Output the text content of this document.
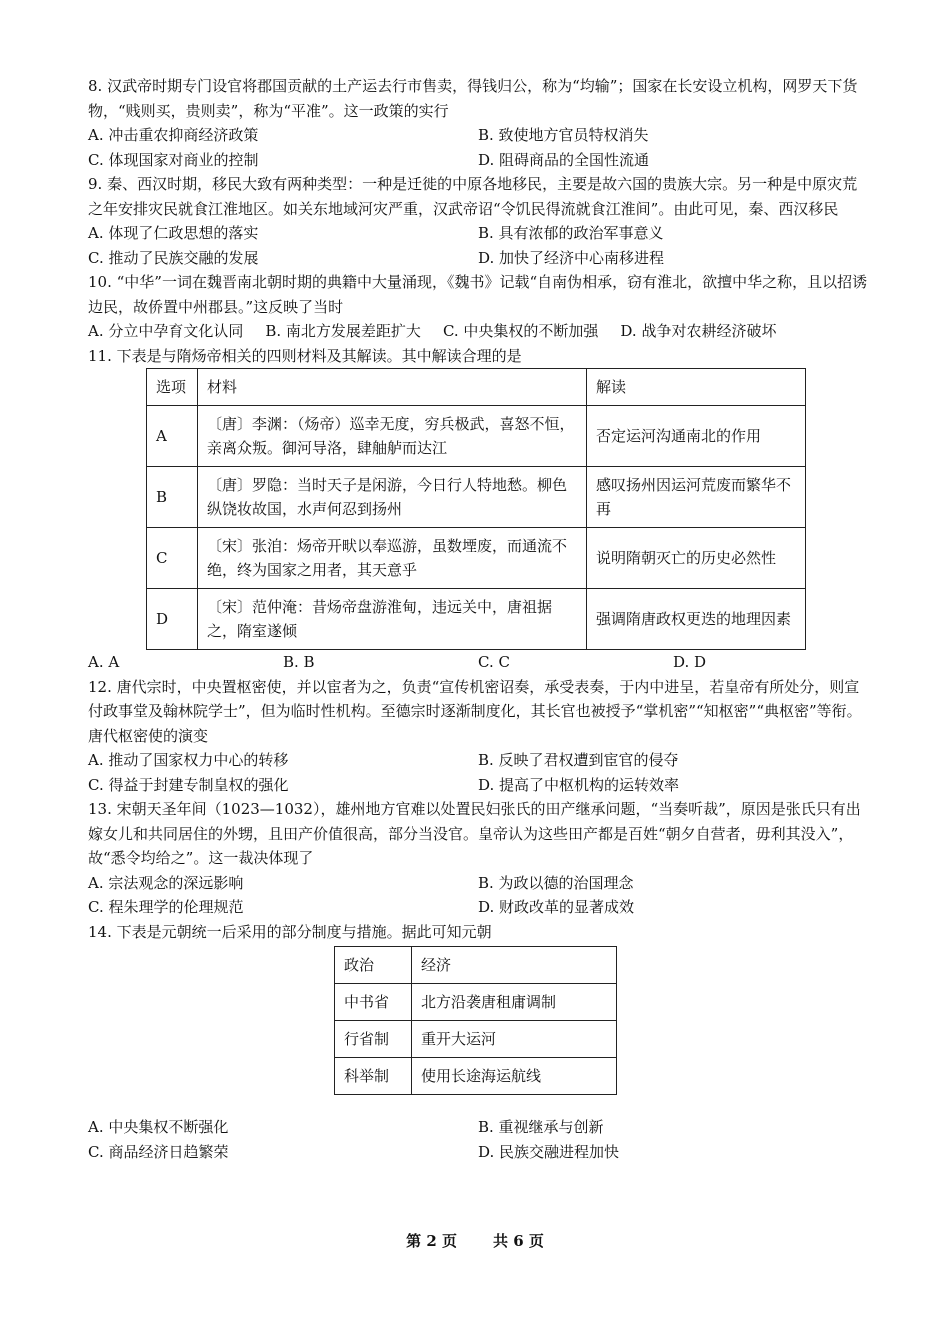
8. 汉武帝时期专门设官将郡国贡献的土产运去行市售卖，得钱归公，称为“均输”；国家在长安设立机构，网罗天下货物，“贱则买，贵则卖”，称为“平准”。这一政策的实行

A. 冲击重农抑商经济政策	B. 致使地方官员特权消失
C. 体现国家对商业的控制	D. 阻碍商品的全国性流通

9. 秦、西汉时期，移民大致有两种类型：一种是迁徙的中原各地移民，主要是故六国的贵族大宗。另一种是中原灾荒之年安排灾民就食江淮地区。如关东地域河灾严重，汉武帝诏“令饥民得流就食江淮间”。由此可见，秦、西汉移民

A. 体现了仁政思想的落实	B. 具有浓郁的政治军事意义
C. 推动了民族交融的发展	D. 加快了经济中心南移进程

10. “中华”一词在魏晋南北朝时期的典籍中大量涌现，《魏书》记载“自南伪相承，窃有淮北，欲擅中华之称，且以招诱边民，故侨置中州郡县。”这反映了当时

A. 分立中孕育文化认同 B. 南北方发展差距扩大 C. 中央集权的不断加强 D. 战争对农耕经济破坏

11. 下表是与隋炀帝相关的四则材料及其解读。其中解读合理的是

选项	材料	解读
A	〔唐〕李渊：（炀帝）巡幸无度，穷兵极武，喜怒不恒，亲离众叛。御河导洛，肆舳舻而达江	否定运河沟通南北的作用
B	〔唐〕罗隐：当时天子是闲游，今日行人特地愁。柳色纵饶妆故国，水声何忍到扬州	感叹扬州因运河荒废而繁华不再
C	〔宋〕张洎：炀帝开畎以奉巡游，虽数堙废，而通流不绝，终为国家之用者，其天意乎	说明隋朝灭亡的历史必然性
D	〔宋〕范仲淹：昔炀帝盘游淮甸，违远关中，唐祖据之，隋室遂倾	强调隋唐政权更迭的地理因素
A. A	B. B	C. C	D. D

12. 唐代宗时，中央置枢密使，并以宦者为之，负责“宣传机密诏奏，承受表奏，于内中进呈，若皇帝有所处分，则宣付政事堂及翰林院学士”，但为临时性机构。至德宗时逐渐制度化，其长官也被授予“掌机密”“知枢密”“典枢密”等衔。唐代枢密使的演变

A. 推动了国家权力中心的转移	B. 反映了君权遭到宦官的侵夺
C. 得益于封建专制皇权的强化	D. 提高了中枢机构的运转效率

13. 宋朝天圣年间（1023—1032），雄州地方官难以处置民妇张氏的田产继承问题，“当奏听裁”，原因是张氏只有出嫁女儿和共同居住的外甥，且田产价值很高，部分当没官。皇帝认为这些田产都是百姓“朝夕自营者，毋利其没入”，故“悉令均给之”。这一裁决体现了

A. 宗法观念的深远影响	B. 为政以德的治国理念
C. 程朱理学的伦理规范	D. 财政改革的显著成效

14. 下表是元朝统一后采用的部分制度与措施。据此可知元朝

政治	经济
中书省	北方沿袭唐租庸调制
行省制	重开大运河
科举制	使用长途海运航线
A. 中央集权不断强化	B. 重视继承与创新
C. 商品经济日趋繁荣	D. 民族交融进程加快
第 2 页 共 6 页
